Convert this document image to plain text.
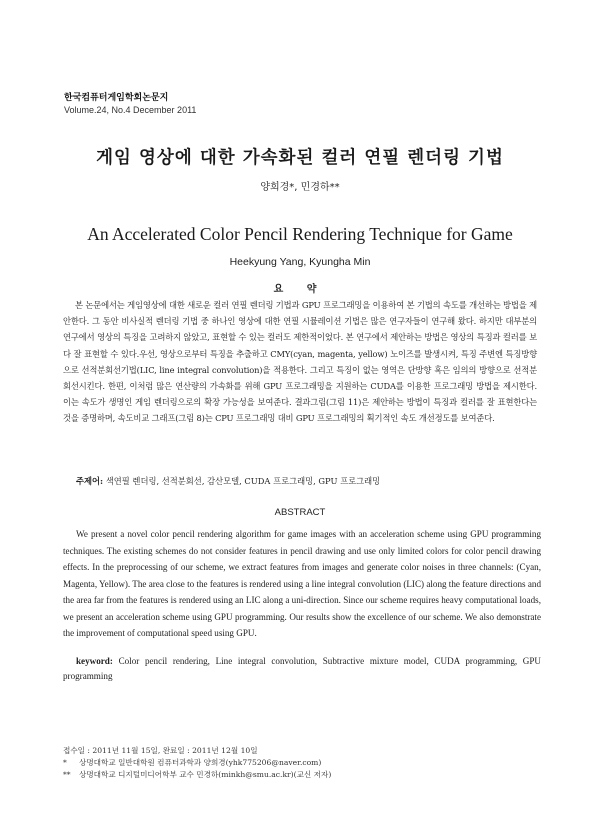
한국컴퓨터게임학회논문지
Volume.24, No.4 December 2011
게임 영상에 대한 가속화된 컬러 연필 렌더링 기법
양희경*, 민경하**
An Accelerated Color Pencil Rendering Technique for Game
Heekyung Yang, Kyungha Min
요 약
본 논문에서는 게임영상에 대한 새로운 컬러 연필 렌더링 기법과 GPU 프로그래밍을 이용하여 본 기법의 속도를 개선하는 방법을 제안한다. 그 동안 비사실적 렌더링 기법 중 하나인 영상에 대한 연필 시뮬레이션 기법은 많은 연구자들이 연구해 왔다. 하지만 대부분의 연구에서 영상의 특징을 고려하지 않았고, 표현할 수 있는 컬러도 제한적이었다. 본 연구에서 제안하는 방법은 영상의 특징과 컬러를 보다 잘 표현할 수 있다.우선, 영상으로부터 특징을 추출하고 CMY(cyan, magenta, yellow) 노이즈를 발생시켜, 특징 주변엔 특징방향으로 선적분회선기법(LIC, line integral convolution)을 적용한다. 그리고 특징이 없는 영역은 단방향 혹은 임의의 방향으로 선적분회선시킨다. 한편, 이처럼 많은 연산량의 가속화를 위해 GPU 프로그래밍을 지원하는 CUDA를 이용한 프로그래밍 방법을 제시한다. 이는 속도가 생명인 게임 렌더링으로의 확장 가능성을 보여준다. 결과그림(그림 11)은 제안하는 방법이 특징과 컬러를 잘 표현한다는 것을 증명하며, 속도비교 그래프(그림 8)는 CPU 프로그래밍 대비 GPU 프로그래밍의 획기적인 속도 개선정도를 보여준다.
주제어: 색연필 렌더링, 선적분회선, 감산모델, CUDA 프로그래밍, GPU 프로그래밍
ABSTRACT
We present a novel color pencil rendering algorithm for game images with an acceleration scheme using GPU programming techniques. The existing schemes do not consider features in pencil drawing and use only limited colors for color pencil drawing effects. In the preprocessing of our scheme, we extract features from images and generate color noises in three channels: (Cyan, Magenta, Yellow). The area close to the features is rendered using a line integral convolution (LIC) along the feature directions and the area far from the features is rendered using an LIC along a uni-direction. Since our scheme requires heavy computational loads, we present an acceleration scheme using GPU programming. Our results show the excellence of our scheme. We also demonstrate the improvement of computational speed using GPU.
keyword: Color pencil rendering, Line integral convolution, Subtractive mixture model, CUDA programming, GPU programming
접수일 : 2011년 11월 15일, 완료일 : 2011년 12월 10일
* 상명대학교 일반대학원 컴퓨터과학과 양희경(yhk775206@naver.com)
** 상명대학교 디지털미디어학부 교수 민경하(minkh@smu.ac.kr)(교신 저자)
